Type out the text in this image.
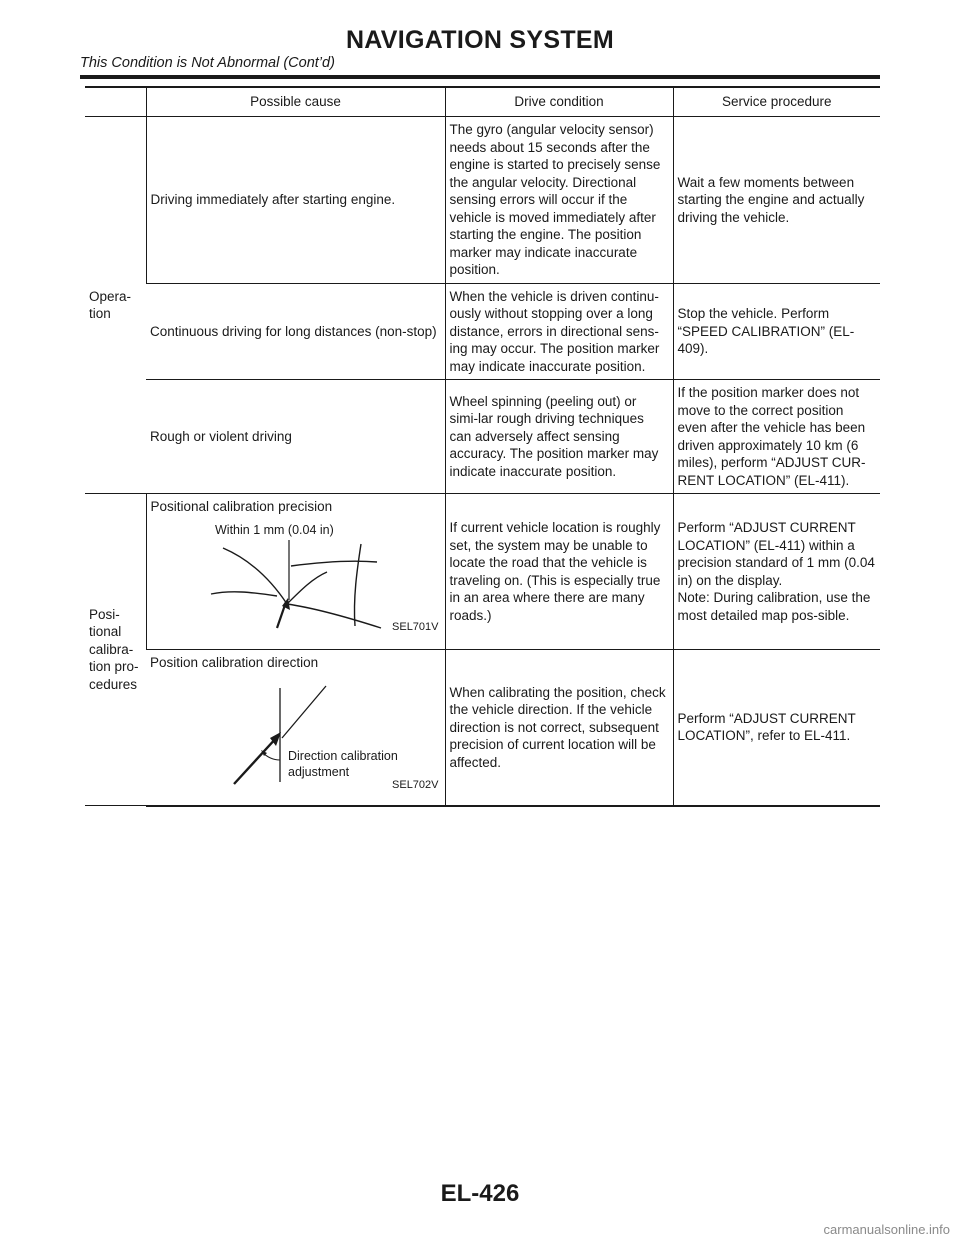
NAVIGATION SYSTEM
This Condition is Not Abnormal (Cont’d)
	Possible cause	Drive condition	Service procedure

Opera-
tion	Driving immediately after starting engine.	The gyro (angular velocity sensor) needs about 15 seconds after the engine is started to precisely sense the angular velocity. Directional sensing errors will occur if the vehicle is moved immediately after starting the engine. The position marker may indicate inaccurate position.	Wait a few moments between starting the engine and actually driving the vehicle.
	Continuous driving for long distances (non-stop)	When the vehicle is driven continu-ously without stopping over a long distance, errors in directional sens-ing may occur. The position marker may indicate inaccurate position.	Stop the vehicle. Perform “SPEED CALIBRATION” (EL-409).
	Rough or violent driving	Wheel spinning (peeling out) or simi-lar rough driving techniques can adversely affect sensing accuracy. The position marker may indicate inaccurate position.	If the position marker does not move to the correct position even after the vehicle has been driven approximately 10 km (6 miles), perform “ADJUST CUR-RENT LOCATION” (EL-411).

Posi-
tional
calibra-
tion pro-
cedures	Positional calibration precision
Within 1 mm (0.04 in)
SEL701V	If current vehicle location is roughly set, the system may be unable to locate the road that the vehicle is traveling on. (This is especially true in an area where there are many roads.)	Perform “ADJUST CURRENT LOCATION” (EL-411) within a precision standard of 1 mm (0.04 in) on the display.
Note: During calibration, use the most detailed map pos-sible.

	Position calibration direction
Direction calibration
adjustment
SEL702V	When calibrating the position, check the vehicle direction. If the vehicle direction is not correct, subsequent precision of current location will be affected.	Perform “ADJUST CURRENT LOCATION”, refer to EL-411.
EL-426
carmanualsonline.info
